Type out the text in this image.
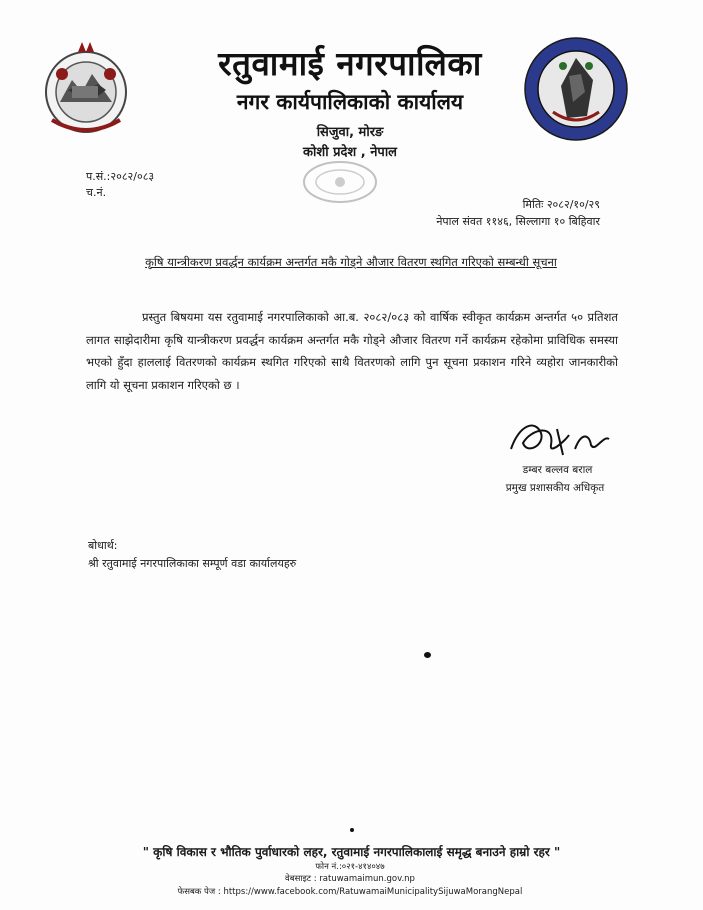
रतुवामाई नगरपालिका
नगर कार्यपालिकाको कार्यालय
सिजुवा, मोरङ
कोशी प्रदेश , नेपाल
प.सं.:२०८२/०८३
च.नं.
मितिः २०८२/१०/२९
नेपाल संवत ११४६, सिल्लागा १० बिहिवार
कृषि यान्त्रीकरण प्रवर्द्धन कार्यक्रम अन्तर्गत मकै गोड्ने औजार वितरण स्थगित गरिएको सम्बन्धी सूचना
प्रस्तुत बिषयमा यस रतुवामाई नगरपालिकाको आ.ब. २०८२/०८३ को वार्षिक स्वीकृत कार्यक्रम अन्तर्गत ५० प्रतिशत लागत साझेदारीमा कृषि यान्त्रीकरण प्रवर्द्धन कार्यक्रम अन्तर्गत मकै गोड्ने औजार वितरण गर्ने कार्यक्रम रहेकोमा प्राविधिक समस्या भएको हुँदा हाललाई वितरणको कार्यक्रम स्थगित गरिएको साथै वितरणको लागि पुन सूचना प्रकाशन गरिने व्यहोरा जानकारीको लागि यो सूचना प्रकाशन गरिएको छ ।
डम्बर बल्लव बराल
प्रमुख प्रशासकीय अधिकृत
बोधार्थ:
श्री रतुवामाई नगरपालिकाका सम्पूर्ण वडा कार्यालयहरु
" कृषि विकास र भौतिक पुर्वाधारको लहर, रतुवामाई नगरपालिकालाई समृद्ध बनाउने हाम्रो रहर "
फोन नं.:०२१-४१४०४७
वेबसाइट : ratuwamaimun.gov.np
फेसबक पेज : https://www.facebook.com/RatuwamaiMunicipalitySijuwaMorangNepal
